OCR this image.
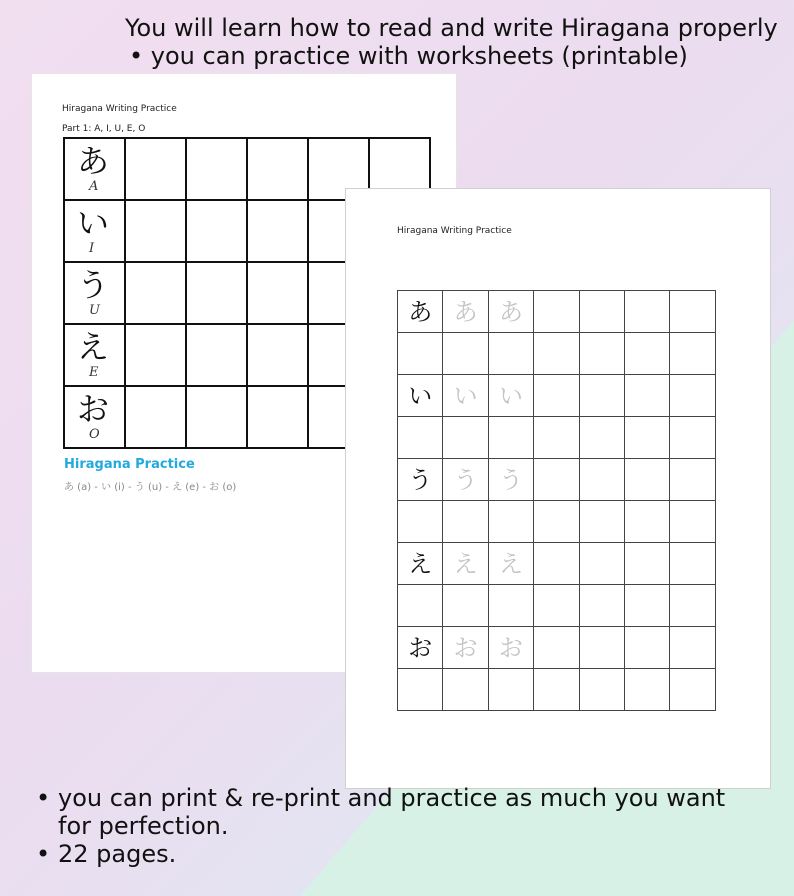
You will learn how to read and write Hiragana properly
• you can practice with worksheets (printable)
Hiragana Writing Practice
Part 1: A, I, U, E, O
あ
A
い
I
う
U
え
E
お
O
Hiragana Practice
あ (a) - い (i) - う (u) - え (e) - お (o)
Hiragana Writing Practice
あ あ あ
い い い
う う う
え え え
お お お
• you can print & re-print and practice as much you want
for perfection.
• 22 pages.
